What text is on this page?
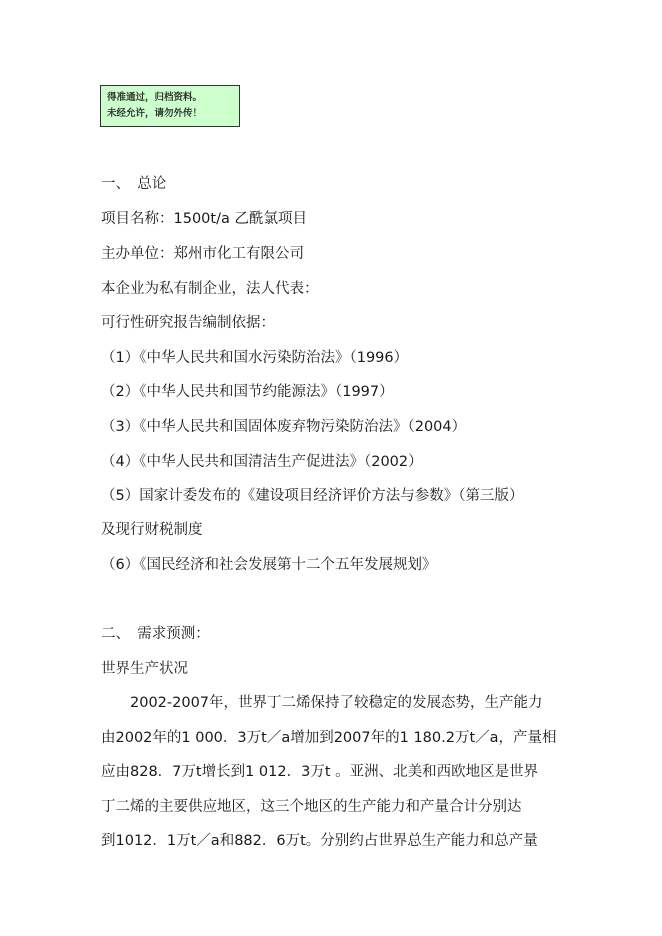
得准通过，归档资料。
未经允许，请勿外传！
一、　总论
项目名称：1500t/a 乙酰氯项目
主办单位：郑州市化工有限公司
本企业为私有制企业，法人代表：
可行性研究报告编制依据：
（1）《中华人民共和国水污染防治法》（1996）
（2）《中华人民共和国节约能源法》（1997）
（3）《中华人民共和国固体废弃物污染防治法》（2004）
（4）《中华人民共和国清洁生产促进法》（2002）
（5）国家计委发布的《建设项目经济评价方法与参数》（第三版）
及现行财税制度
（6）《国民经济和社会发展第十二个五年发展规划》
二、　需求预测：
世界生产状况

2002-2007年，世界丁二烯保持了较稳定的发展态势，生产能力

由2002年的1 000．3万t／a增加到2007年的1 180.2万t／a，产量相

应由828．7万t增长到1 012．3万t 。亚洲、北美和西欧地区是世界

丁二烯的主要供应地区，这三个地区的生产能力和产量合计分别达

到1012．1万t／a和882．6万t。分别约占世界总生产能力和总产量
